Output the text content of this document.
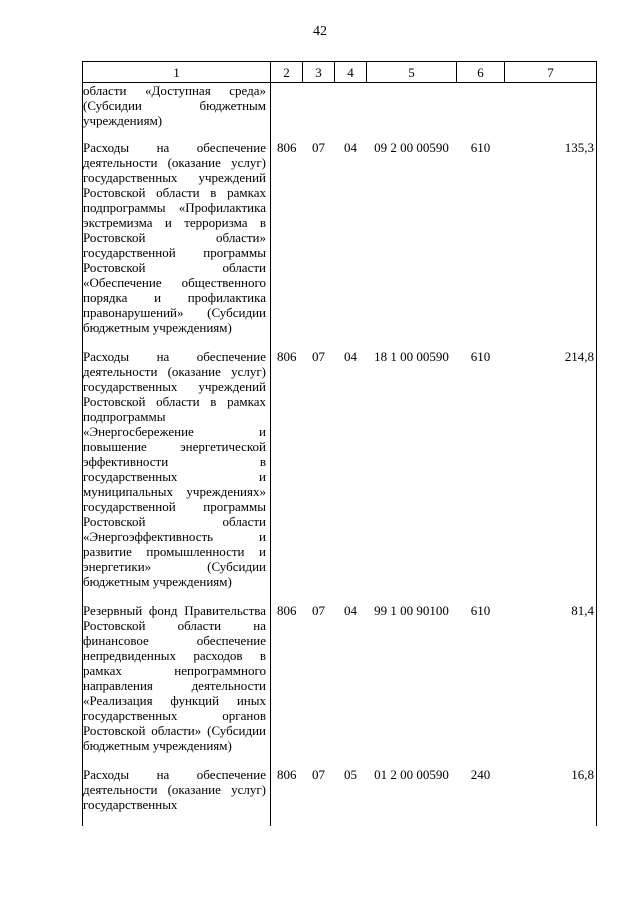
42
1	2	3	4	5	6	7
области «Доступная среда» (Субсидии бюджетным учреждениям)						
Расходы на обеспечение деятельности (оказание услуг) государственных учреждений Ростовской области в рамках подпрограммы «Профилактика экстремизма и терроризма в Ростовской области» государственной программы Ростовской области «Обеспечение общественного порядка и профилактика правонарушений» (Субсидии бюджетным учреждениям)	806	07	04	09 2 00 00590	610	135,3
Расходы на обеспечение деятельности (оказание услуг) государственных учреждений Ростовской области в рамках подпрограммы «Энергосбережение и повышение энергетической эффективности в государственных и муниципальных учреждениях» государственной программы Ростовской области «Энергоэффективность и развитие промышленности и энергетики» (Субсидии бюджетным учреждениям)	806	07	04	18 1 00 00590	610	214,8
Резервный фонд Правительства Ростовской области на финансовое обеспечение непредвиденных расходов в рамках непрограммного направления деятельности «Реализация функций иных государственных органов Ростовской области» (Субсидии бюджетным учреждениям)	806	07	04	99 1 00 90100	610	81,4
Расходы на обеспечение деятельности (оказание услуг) государственных	806	07	05	01 2 00 00590	240	16,8
